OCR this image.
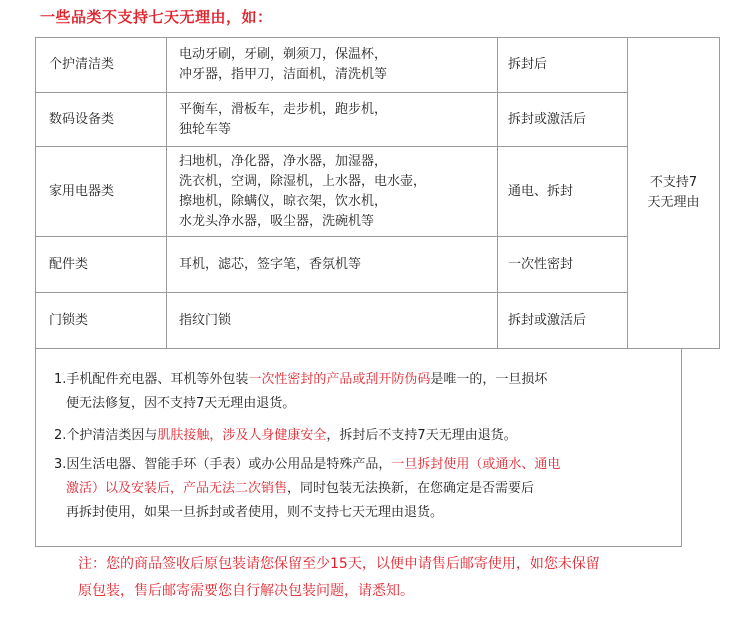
一些品类不支持七天无理由，如：
个护清洁类	电动牙刷，牙刷，剃须刀，保温杯，
冲牙器，指甲刀，洁面机，清洗机等	拆封后	不支持7
天无理由

数码设备类	平衡车，滑板车，走步机，跑步机，
独轮车等	拆封或激活后	

家用电器类	扫地机，净化器，净水器，加湿器，
洗衣机，空调，除湿机，上水器，电水壶，
擦地机，除螨仪，晾衣架，饮水机，
水龙头净水器，吸尘器，洗碗机等	通电、拆封	

配件类	耳机，滤芯，签字笔，香氛机等	一次性密封	

门锁类	指纹门锁	拆封或激活后	
1.手机配件充电器、耳机等外包装一次性密封的产品或刮开防伪码是唯一的，一旦损坏
便无法修复，因不支持7天无理由退货。
2.个护清洁类因与肌肤接触，涉及人身健康安全，拆封后不支持7天无理由退货。
3.因生活电器、智能手环（手表）或办公用品是特殊产品，一旦拆封使用（或通水、通电
激活）以及安装后，产品无法二次销售，同时包装无法换新，在您确定是否需要后
再拆封使用，如果一旦拆封或者使用，则不支持七天无理由退货。
注：您的商品签收后原包装请您保留至少15天，以便申请售后邮寄使用，如您未保留
原包装，售后邮寄需要您自行解决包装问题，请悉知。
